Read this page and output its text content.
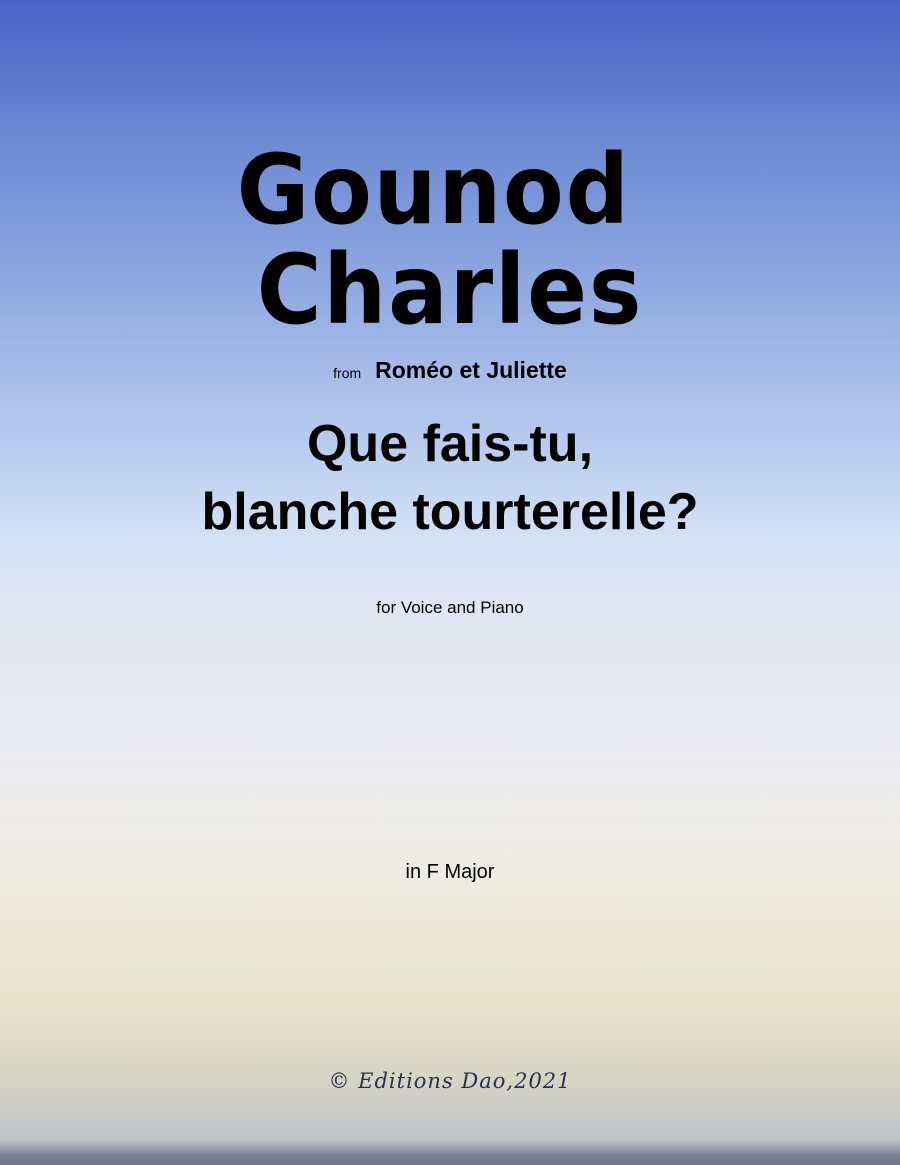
Gounod  Charles
from Roméo et Juliette
Que fais-tu,
blanche tourterelle?
for Voice and Piano
in F Major
© Editions Dao,2021
